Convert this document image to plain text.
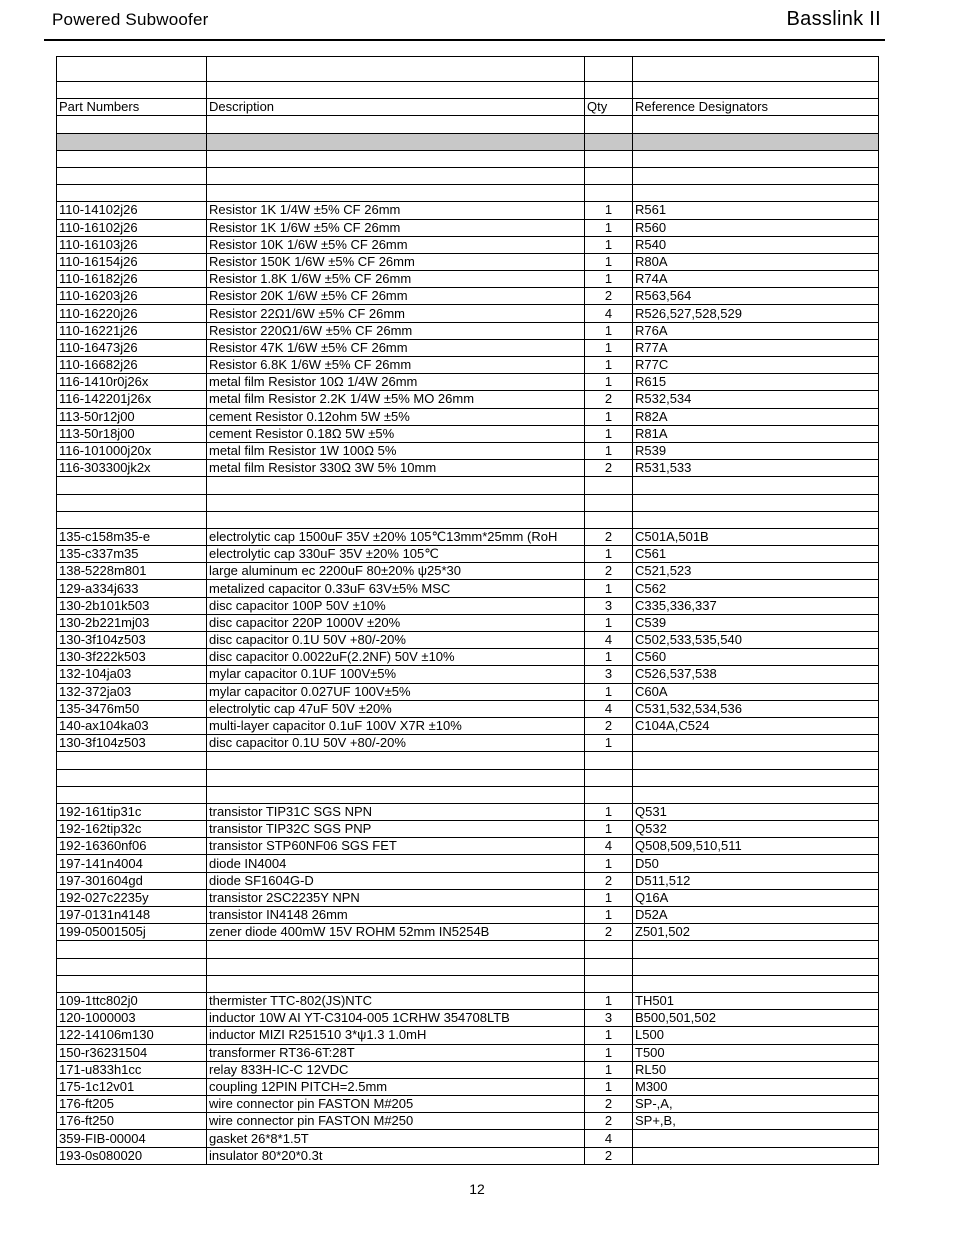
Powered Subwoofer	Basslink II

Part Numbers	Description	Qty	Reference Designators

110-14102j26	Resistor 1K 1/4W ±5% CF 26mm	1	R561
110-16102j26	Resistor 1K 1/6W ±5% CF 26mm	1	R560
110-16103j26	Resistor 10K 1/6W ±5% CF 26mm	1	R540
110-16154j26	Resistor 150K 1/6W ±5% CF 26mm	1	R80A
110-16182j26	Resistor 1.8K 1/6W ±5% CF 26mm	1	R74A
110-16203j26	Resistor 20K 1/6W ±5% CF 26mm	2	R563,564
110-16220j26	Resistor 22Ω1/6W ±5% CF 26mm	4	R526,527,528,529
110-16221j26	Resistor 220Ω1/6W ±5% CF 26mm	1	R76A
110-16473j26	Resistor 47K 1/6W ±5% CF 26mm	1	R77A
110-16682j26	Resistor 6.8K 1/6W ±5% CF 26mm	1	R77C
116-1410r0j26x	metal film Resistor 10Ω 1/4W 26mm	1	R615
116-142201j26x	metal film Resistor 2.2K 1/4W ±5% MO 26mm	2	R532,534
113-50r12j00	cement Resistor 0.12ohm 5W ±5%	1	R82A
113-50r18j00	cement Resistor 0.18Ω 5W ±5%	1	R81A
116-101000j20x	metal film Resistor 1W 100Ω 5%	1	R539
116-303300jk2x	metal film Resistor 330Ω 3W 5% 10mm	2	R531,533

135-c158m35-e	electrolytic cap 1500uF 35V ±20% 105℃13mm*25mm (RoH	2	C501A,501B
135-c337m35	electrolytic cap 330uF 35V ±20% 105℃	1	C561
138-5228m801	large aluminum ec 2200uF 80±20% ψ25*30	2	C521,523
129-a334j633	metalized capacitor 0.33uF 63V±5% MSC	1	C562
130-2b101k503	disc capacitor 100P 50V ±10%	3	C335,336,337
130-2b221mj03	disc capacitor 220P 1000V ±20%	1	C539
130-3f104z503	disc capacitor 0.1U 50V +80/-20%	4	C502,533,535,540
130-3f222k503	disc capacitor 0.0022uF(2.2NF) 50V ±10%	1	C560
132-104ja03	mylar capacitor 0.1UF 100V±5%	3	C526,537,538
132-372ja03	mylar capacitor 0.027UF 100V±5%	1	C60A
135-3476m50	electrolytic cap 47uF 50V ±20%	4	C531,532,534,536
140-ax104ka03	multi-layer capacitor 0.1uF 100V X7R ±10%	2	C104A,C524
130-3f104z503	disc capacitor 0.1U 50V +80/-20%	1	

192-161tip31c	transistor TIP31C SGS NPN	1	Q531
192-162tip32c	transistor TIP32C SGS PNP	1	Q532
192-16360nf06	transistor STP60NF06 SGS FET	4	Q508,509,510,511
197-141n4004	diode IN4004	1	D50
197-301604gd	diode SF1604G-D	2	D511,512
192-027c2235y	transistor 2SC2235Y NPN	1	Q16A
197-0131n4148	transistor IN4148 26mm	1	D52A
199-05001505j	zener diode 400mW 15V ROHM 52mm IN5254B	2	Z501,502

109-1ttc802j0	thermister TTC-802(JS)NTC	1	TH501
120-1000003	inductor 10W AI YT-C3104-005 1CRHW 354708LTB	3	B500,501,502
122-14106m130	inductor MIZI R251510 3*ψ1.3 1.0mH	1	L500
150-r36231504	transformer RT36-6T:28T	1	T500
171-u833h1cc	relay 833H-IC-C 12VDC	1	RL50
175-1c12v01	coupling 12PIN PITCH=2.5mm	1	M300
176-ft205	wire connector pin FASTON M#205	2	SP-,A,
176-ft250	wire connector pin FASTON M#250	2	SP+,B,
359-FIB-00004	gasket 26*8*1.5T	4	
193-0s080020	insulator 80*20*0.3t	2	
12
